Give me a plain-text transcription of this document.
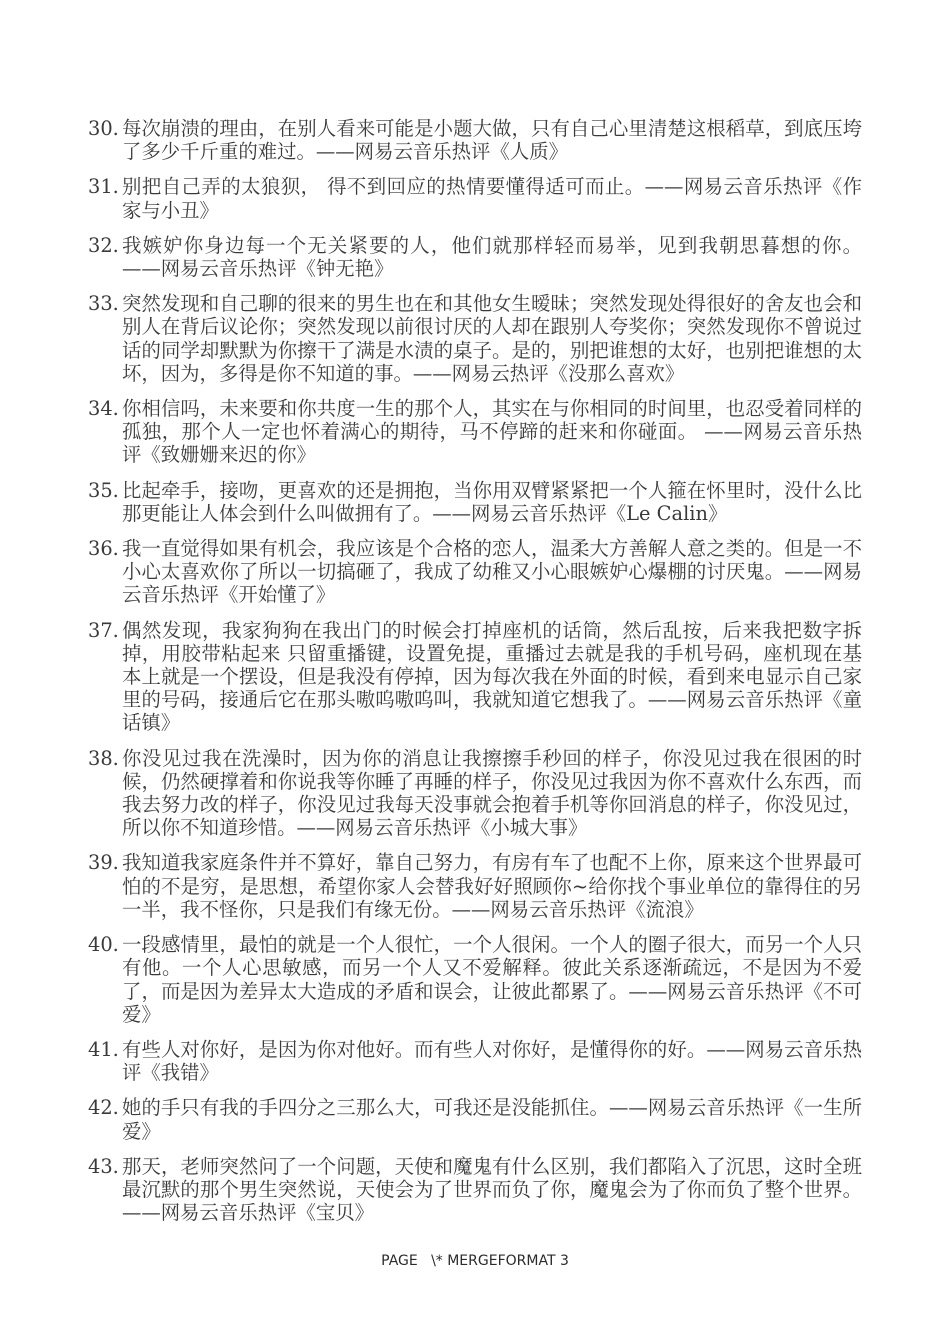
30. 每次崩溃的理由，在别人看来可能是小题大做，只有自己心里清楚这根稻草，到底压垮了多少千斤重的难过。——网易云音乐热评《人质》
31. 别把自己弄的太狼狈， 得不到回应的热情要懂得适可而止。——网易云音乐热评《作家与小丑》
32. 我嫉妒你身边每一个无关紧要的人，他们就那样轻而易举，见到我朝思暮想的你。 ——网易云音乐热评《钟无艳》
33. 突然发现和自己聊的很来的男生也在和其他女生暧昧；突然发现处得很好的舍友也会和别人在背后议论你；突然发现以前很讨厌的人却在跟别人夸奖你；突然发现你不曾说过话的同学却默默为你擦干了满是水渍的桌子。是的，别把谁想的太好，也别把谁想的太坏，因为，多得是你不知道的事。——网易云热评《没那么喜欢》
34. 你相信吗，未来要和你共度一生的那个人，其实在与你相同的时间里，也忍受着同样的孤独，那个人一定也怀着满心的期待，马不停蹄的赶来和你碰面。 ——网易云音乐热评《致姗姗来迟的你》
35. 比起牵手，接吻，更喜欢的还是拥抱，当你用双臂紧紧把一个人箍在怀里时，没什么比那更能让人体会到什么叫做拥有了。——网易云音乐热评《Le Calin》
36. 我一直觉得如果有机会，我应该是个合格的恋人，温柔大方善解人意之类的。但是一不小心太喜欢你了所以一切搞砸了，我成了幼稚又小心眼嫉妒心爆棚的讨厌鬼。——网易云音乐热评《开始懂了》
37. 偶然发现，我家狗狗在我出门的时候会打掉座机的话筒，然后乱按，后来我把数字拆掉，用胶带粘起来 只留重播键，设置免提，重播过去就是我的手机号码，座机现在基本上就是一个摆设，但是我没有停掉，因为每次我在外面的时候，看到来电显示自己家里的号码，接通后它在那头嗷呜嗷呜叫，我就知道它想我了。——网易云音乐热评《童话镇》
38. 你没见过我在洗澡时，因为你的消息让我擦擦手秒回的样子，你没见过我在很困的时候，仍然硬撑着和你说我等你睡了再睡的样子，你没见过我因为你不喜欢什么东西，而我去努力改的样子，你没见过我每天没事就会抱着手机等你回消息的样子，你没见过，所以你不知道珍惜。——网易云音乐热评《小城大事》
39. 我知道我家庭条件并不算好，靠自己努力，有房有车了也配不上你，原来这个世界最可怕的不是穷，是思想，希望你家人会替我好好照顾你~给你找个事业单位的靠得住的另一半，我不怪你，只是我们有缘无份。——网易云音乐热评《流浪》
40. 一段感情里，最怕的就是一个人很忙，一个人很闲。一个人的圈子很大，而另一个人只有他。一个人心思敏感，而另一个人又不爱解释。彼此关系逐渐疏远，不是因为不爱了，而是因为差异太大造成的矛盾和误会，让彼此都累了。——网易云音乐热评《不可爱》
41. 有些人对你好，是因为你对他好。而有些人对你好，是懂得你的好。——网易云音乐热评《我错》
42. 她的手只有我的手四分之三那么大，可我还是没能抓住。——网易云音乐热评《一生所爱》
43. 那天，老师突然问了一个问题，天使和魔鬼有什么区别，我们都陷入了沉思，这时全班最沉默的那个男生突然说，天使会为了世界而负了你，魔鬼会为了你而负了整个世界。——网易云音乐热评《宝贝》
PAGE   \* MERGEFORMAT 3
